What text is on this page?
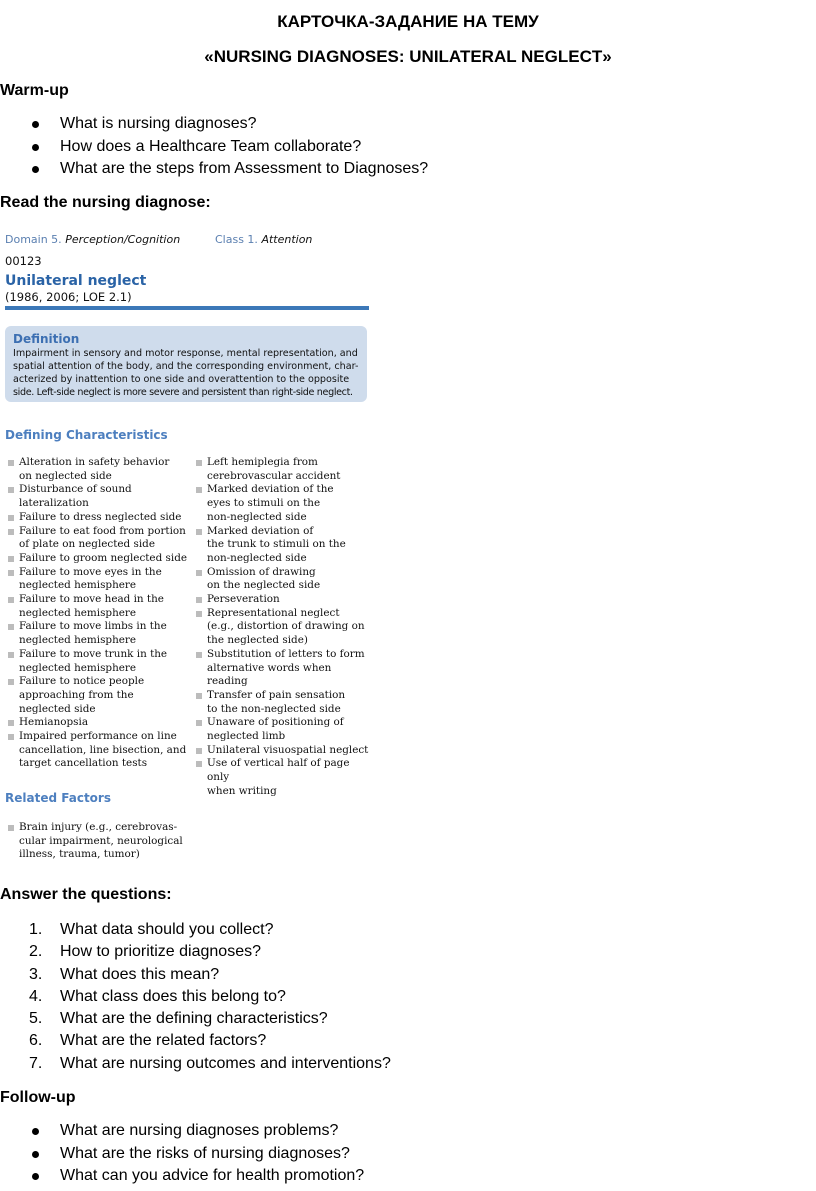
КАРТОЧКА-ЗАДАНИЕ НА ТЕМУ
«NURSING DIAGNOSES: UNILATERAL NEGLECT»
Warm-up
What is nursing diagnoses?
How does a Healthcare Team collaborate?
What are the steps from Assessment to Diagnoses?
Read the nursing diagnose:
Domain 5. Perception/Cognition	Class 1. Attention
00123
Unilateral neglect
(1986, 2006; LOE 2.1)
Definition
Impairment in sensory and motor response, mental representation, and
spatial attention of the body, and the corresponding environment, char-
acterized by inattention to one side and overattention to the opposite
side. Left-side neglect is more severe and persistent than right-side neglect.
Defining Characteristics
Alteration in safety behavior
on neglected side
Disturbance of sound
lateralization
Failure to dress neglected side
Failure to eat food from portion
of plate on neglected side
Failure to groom neglected side
Failure to move eyes in the
neglected hemisphere
Failure to move head in the
neglected hemisphere
Failure to move limbs in the
neglected hemisphere
Failure to move trunk in the
neglected hemisphere
Failure to notice people
approaching from the
neglected side
Hemianopsia
Impaired performance on line
cancellation, line bisection, and
target cancellation tests
Left hemiplegia from
cerebrovascular accident
Marked deviation of the
eyes to stimuli on the
non-neglected side
Marked deviation of
the trunk to stimuli on the
non-neglected side
Omission of drawing
on the neglected side
Perseveration
Representational neglect
(e.g., distortion of drawing on
the neglected side)
Substitution of letters to form
alternative words when reading
Transfer of pain sensation
to the non-neglected side
Unaware of positioning of
neglected limb
Unilateral visuospatial neglect
Use of vertical half of page only
when writing
Related Factors
Brain injury (e.g., cerebrovas-
cular impairment, neurological
illness, trauma, tumor)
Answer the questions:
1. What data should you collect?
2. How to prioritize diagnoses?
3. What does this mean?
4. What class does this belong to?
5. What are the defining characteristics?
6. What are the related factors?
7. What are nursing outcomes and interventions?
Follow-up
What are nursing diagnoses problems?
What are the risks of nursing diagnoses?
What can you advice for health promotion?
